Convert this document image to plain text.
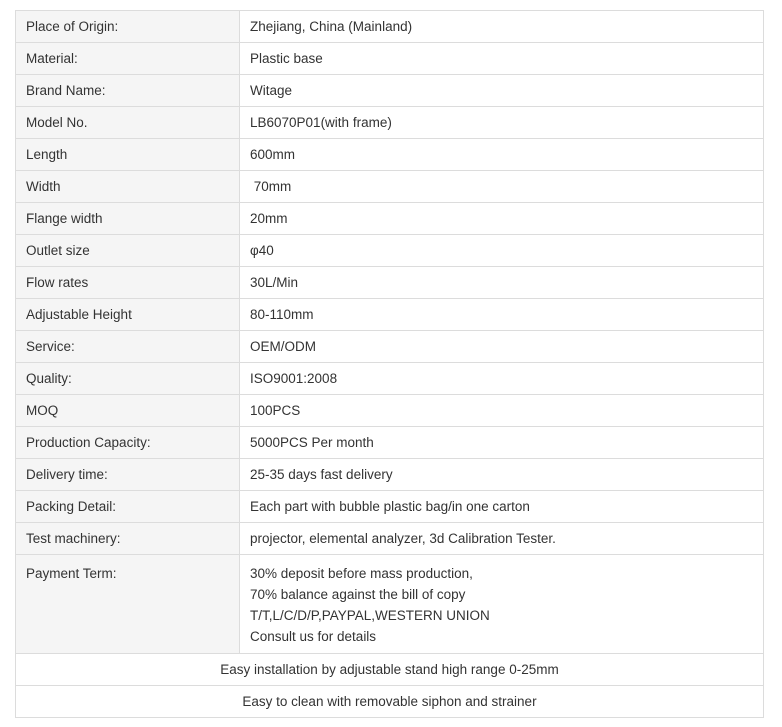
Place of Origin:	Zhejiang, China (Mainland)
Material:	Plastic base
Brand Name:	Witage
Model No.	LB6070P01(with frame)
Length	600mm
Width	70mm
Flange width	20mm
Outlet size	φ40
Flow rates	30L/Min
Adjustable Height	80-110mm
Service:	OEM/ODM
Quality:	ISO9001:2008
MOQ	100PCS
Production Capacity:	5000PCS Per month
Delivery time:	25-35 days fast delivery
Packing Detail:	Each part with bubble plastic bag/in one carton
Test machinery:	projector, elemental analyzer, 3d Calibration Tester.
Payment Term:	30% deposit before mass production,
70% balance against the bill of copy
T/T,L/C/D/P,PAYPAL,WESTERN UNION
Consult us for details

Easy installation by adjustable stand high range 0-25mm	
Easy to clean with removable siphon and strainer	
